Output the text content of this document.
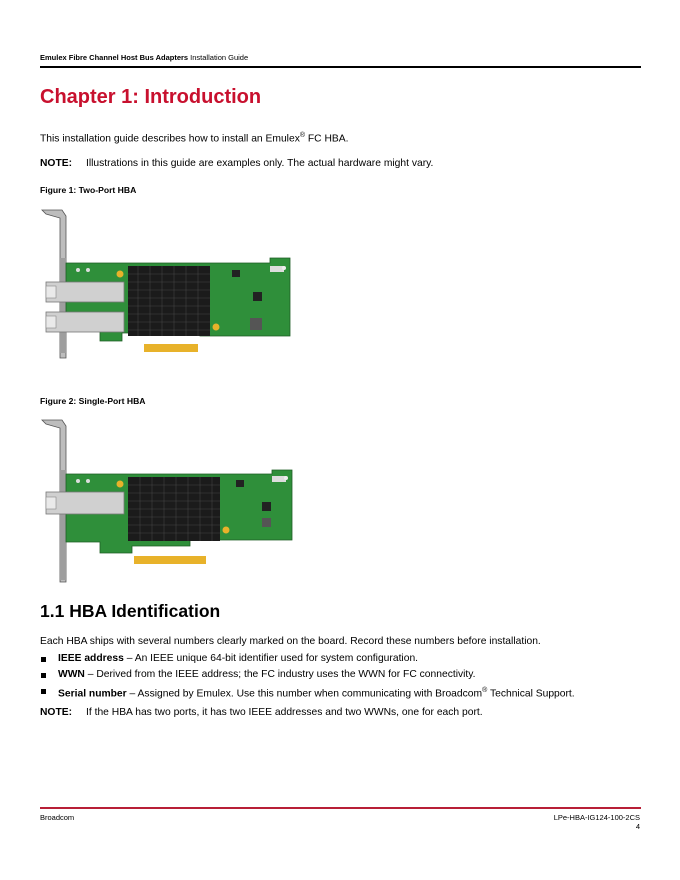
Emulex Fibre Channel Host Bus Adapters Installation Guide
Chapter 1: Introduction

This installation guide describes how to install an Emulex® FC HBA.

NOTE: Illustrations in this guide are examples only. The actual hardware might vary.

Figure 1: Two-Port HBA

Figure 2: Single-Port HBA

1.1 HBA Identification

Each HBA ships with several numbers clearly marked on the board. Record these numbers before installation.

IEEE address – An IEEE unique 64-bit identifier used for system configuration.
WWN – Derived from the IEEE address; the FC industry uses the WWN for FC connectivity.
Serial number – Assigned by Emulex. Use this number when communicating with Broadcom® Technical Support.

NOTE: If the HBA has two ports, it has two IEEE addresses and two WWNs, one for each port.

Broadcom	LPe-HBA-IG124-100-2CS
4
